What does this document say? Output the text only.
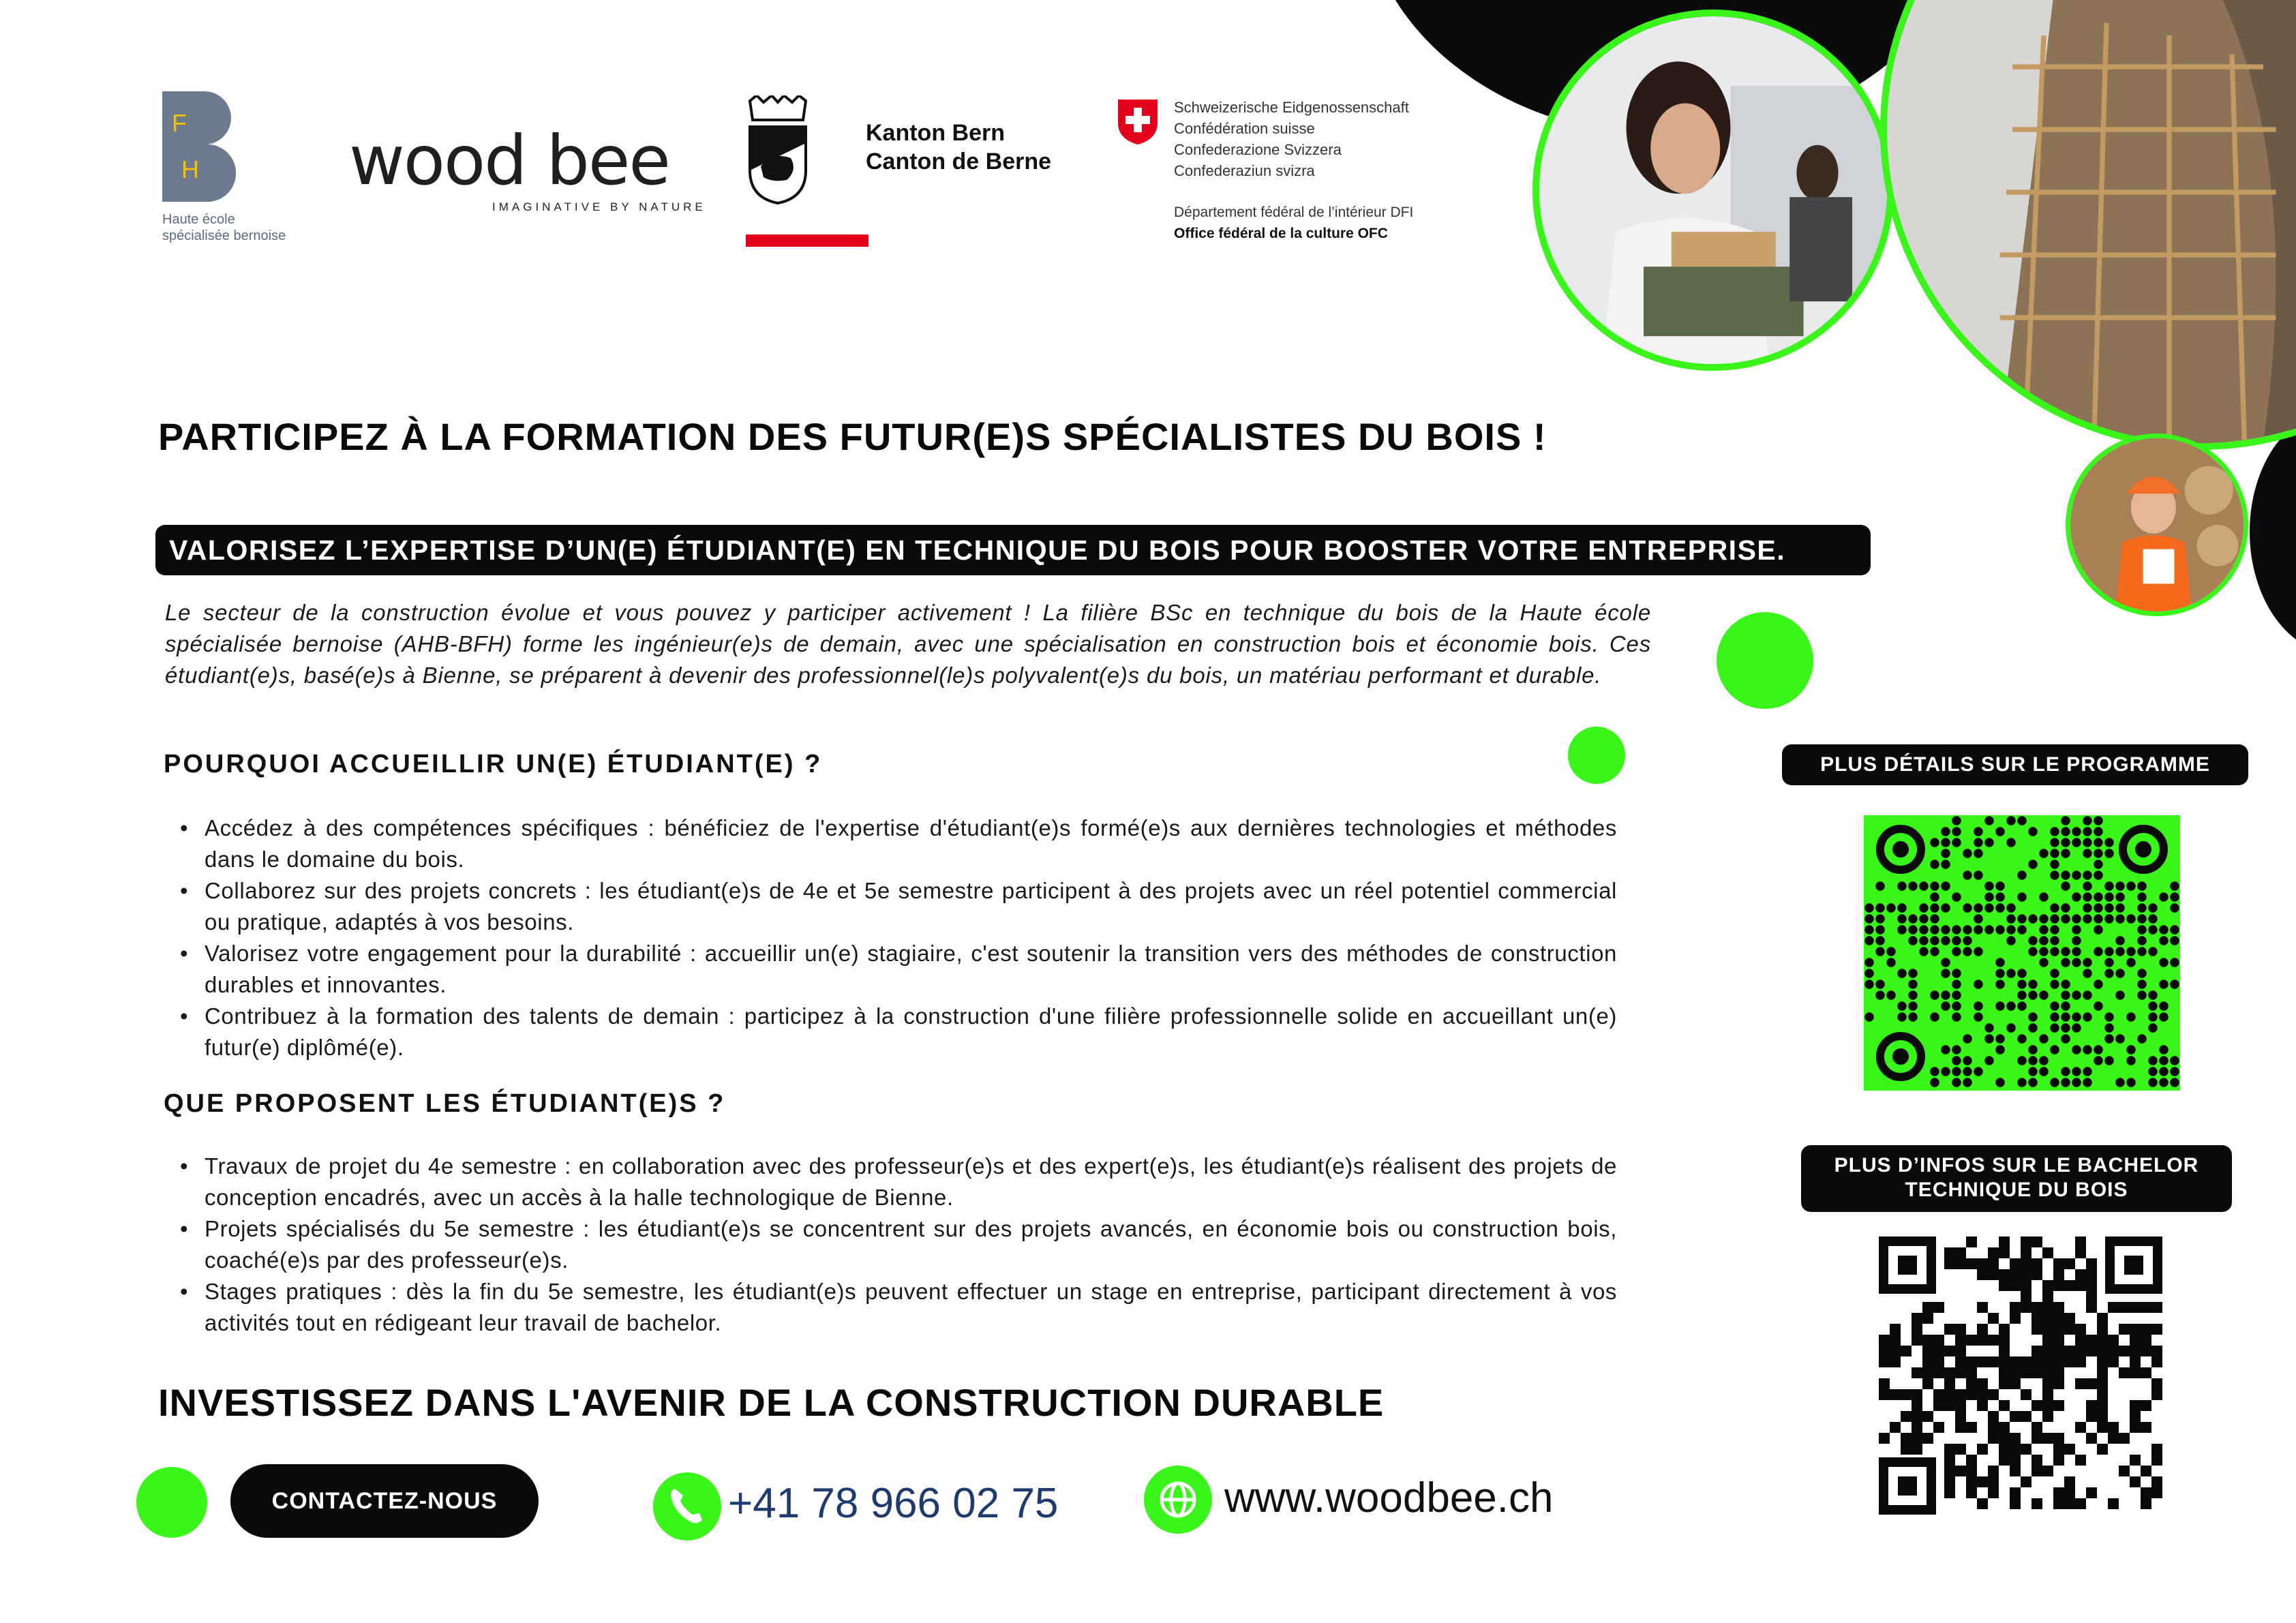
F
H
Haute école
spécialisée bernoise
wood bee
IMAGINATIVE BY NATURE
Kanton Bern
Canton de Berne
Schweizerische Eidgenossenschaft
Confédération suisse
Confederazione Svizzera
Confederaziun svizra
Département fédéral de l’intérieur DFI
Office fédéral de la culture OFC
PARTICIPEZ À LA FORMATION DES FUTUR(E)S SPÉCIALISTES DU BOIS !
VALORISEZ L’EXPERTISE D’UN(E) ÉTUDIANT(E) EN TECHNIQUE DU BOIS POUR BOOSTER VOTRE ENTREPRISE.
Le secteur de la construction évolue et vous pouvez y participer activement ! La filière BSc en technique du bois de la Haute école spécialisée bernoise (AHB-BFH) forme les ingénieur(e)s de demain, avec une spécialisation en construction bois et économie bois. Ces étudiant(e)s, basé(e)s à Bienne, se préparent à devenir des professionnel(le)s polyvalent(e)s du bois, un matériau performant et durable.
POURQUOI ACCUEILLIR UN(E) ÉTUDIANT(E) ?
• Accédez à des compétences spécifiques : bénéficiez de l'expertise d'étudiant(e)s formé(e)s aux dernières technologies et méthodes dans le domaine du bois.
• Collaborez sur des projets concrets : les étudiant(e)s de 4e et 5e semestre participent à des projets avec un réel potentiel commercial ou pratique, adaptés à vos besoins.
• Valorisez votre engagement pour la durabilité : accueillir un(e) stagiaire, c'est soutenir la transition vers des méthodes de construction durables et innovantes.
• Contribuez à la formation des talents de demain : participez à la construction d'une filière professionnelle solide en accueillant un(e) futur(e) diplômé(e).
QUE PROPOSENT LES ÉTUDIANT(E)S ?
• Travaux de projet du 4e semestre : en collaboration avec des professeur(e)s et des expert(e)s, les étudiant(e)s réalisent des projets de conception encadrés, avec un accès à la halle technologique de Bienne.
• Projets spécialisés du 5e semestre : les étudiant(e)s se concentrent sur des projets avancés, en économie bois ou construction bois, coaché(e)s par des professeur(e)s.
• Stages pratiques : dès la fin du 5e semestre, les étudiant(e)s peuvent effectuer un stage en entreprise, participant directement à vos activités tout en rédigeant leur travail de bachelor.
INVESTISSEZ DANS L'AVENIR DE LA CONSTRUCTION DURABLE
CONTACTEZ-NOUS	+41 78 966 02 75	www.woodbee.ch
PLUS DÉTAILS SUR LE PROGRAMME
PLUS D’INFOS SUR LE BACHELOR
TECHNIQUE DU BOIS
